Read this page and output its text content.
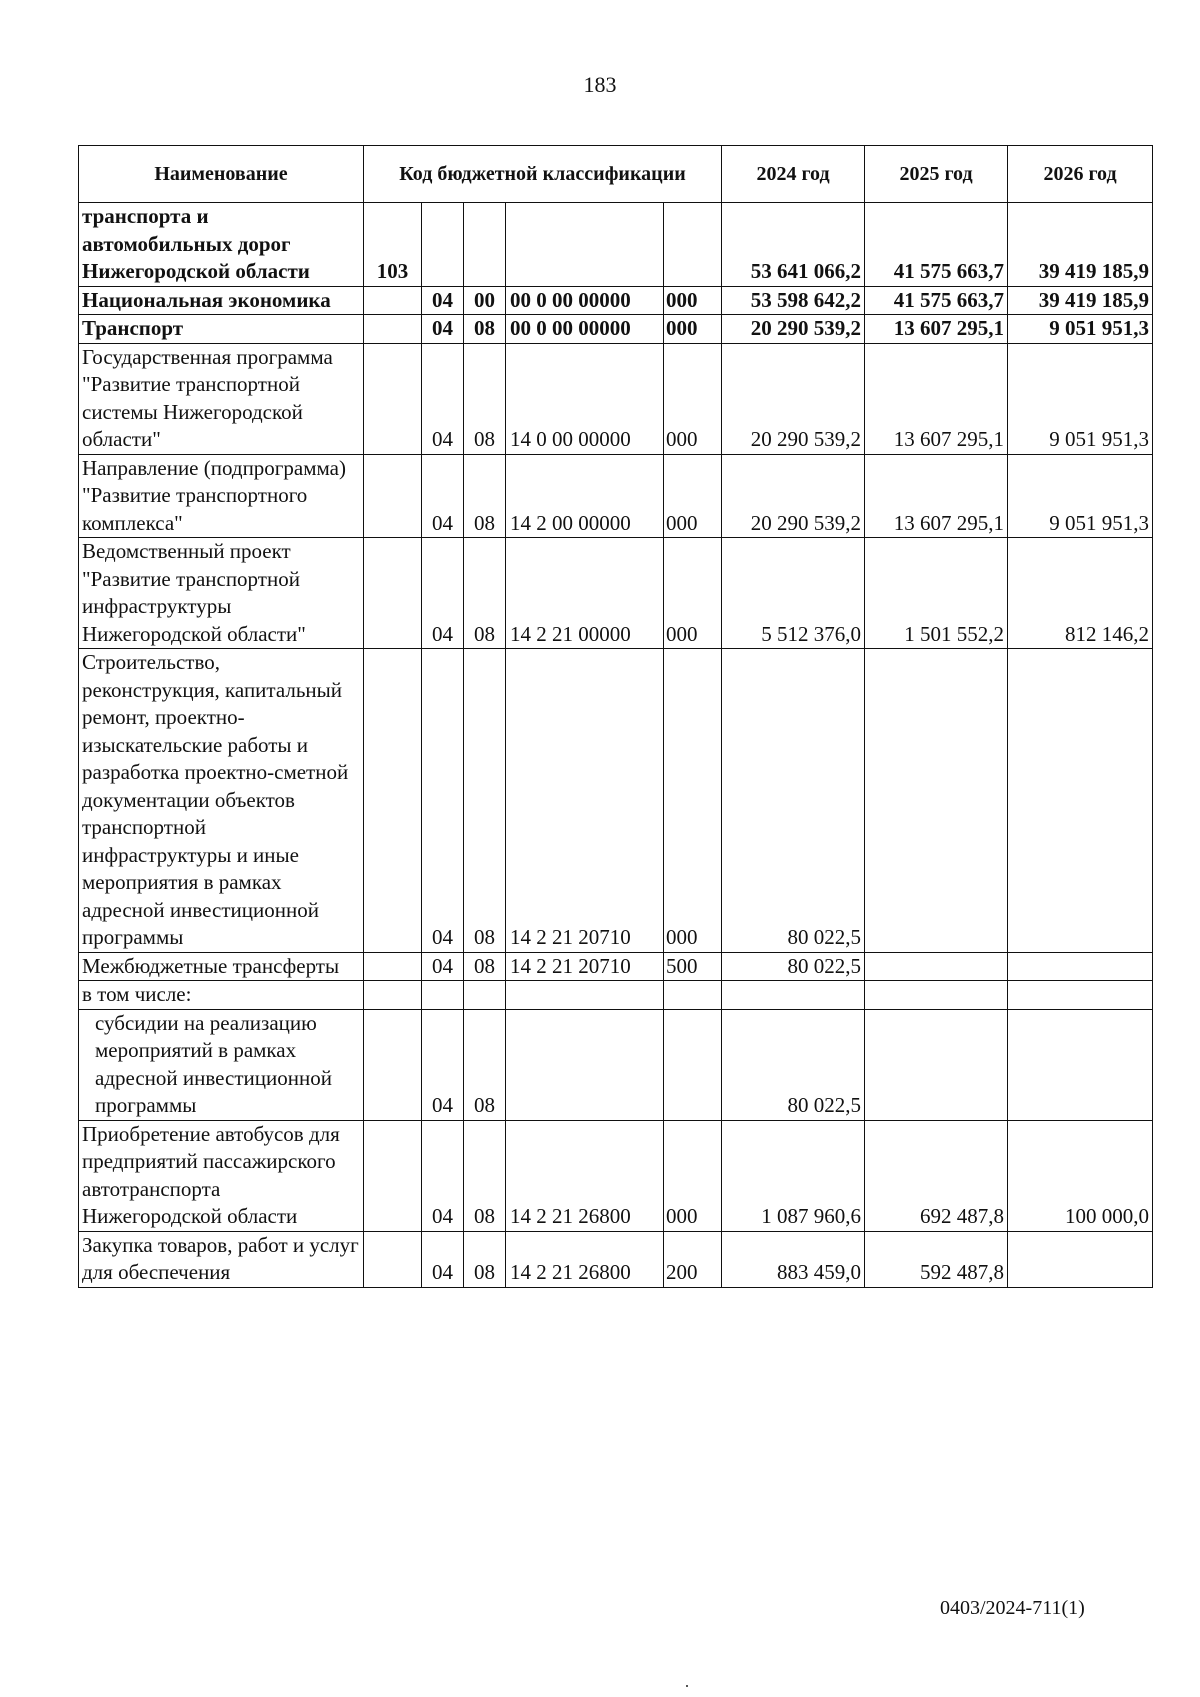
183
Наименование	Код бюджетной классификации					2024 год	2025 год	2026 год
транспорта и автомобильных дорог Нижегородской области	103					53 641 066,2	41 575 663,7	39 419 185,9
Национальная экономика		04	00	00 0 00 00000	000	53 598 642,2	41 575 663,7	39 419 185,9
Транспорт		04	08	00 0 00 00000	000	20 290 539,2	13 607 295,1	9 051 951,3
Государственная программа "Развитие транспортной системы Нижегородской области"		04	08	14 0 00 00000	000	20 290 539,2	13 607 295,1	9 051 951,3
Направление (подпрограмма) "Развитие транспортного комплекса"		04	08	14 2 00 00000	000	20 290 539,2	13 607 295,1	9 051 951,3
Ведомственный проект "Развитие транспортной инфраструктуры Нижегородской области"		04	08	14 2 21 00000	000	5 512 376,0	1 501 552,2	812 146,2
Строительство, реконструкция, капитальный ремонт, проектно-изыскательские работы и разработка проектно-сметной документации объектов транспортной инфраструктуры и иные мероприятия в рамках адресной инвестиционной программы		04	08	14 2 21 20710	000	80 022,5		
Межбюджетные трансферты		04	08	14 2 21 20710	500	80 022,5		
в том числе:								
субсидии на реализацию мероприятий в рамках адресной инвестиционной программы		04	08			80 022,5		
Приобретение автобусов для предприятий пассажирского автотранспорта Нижегородской области		04	08	14 2 21 26800	000	1 087 960,6	692 487,8	100 000,0
Закупка товаров, работ и услуг для обеспечения		04	08	14 2 21 26800	200	883 459,0	592 487,8	
0403/2024-711(1)
